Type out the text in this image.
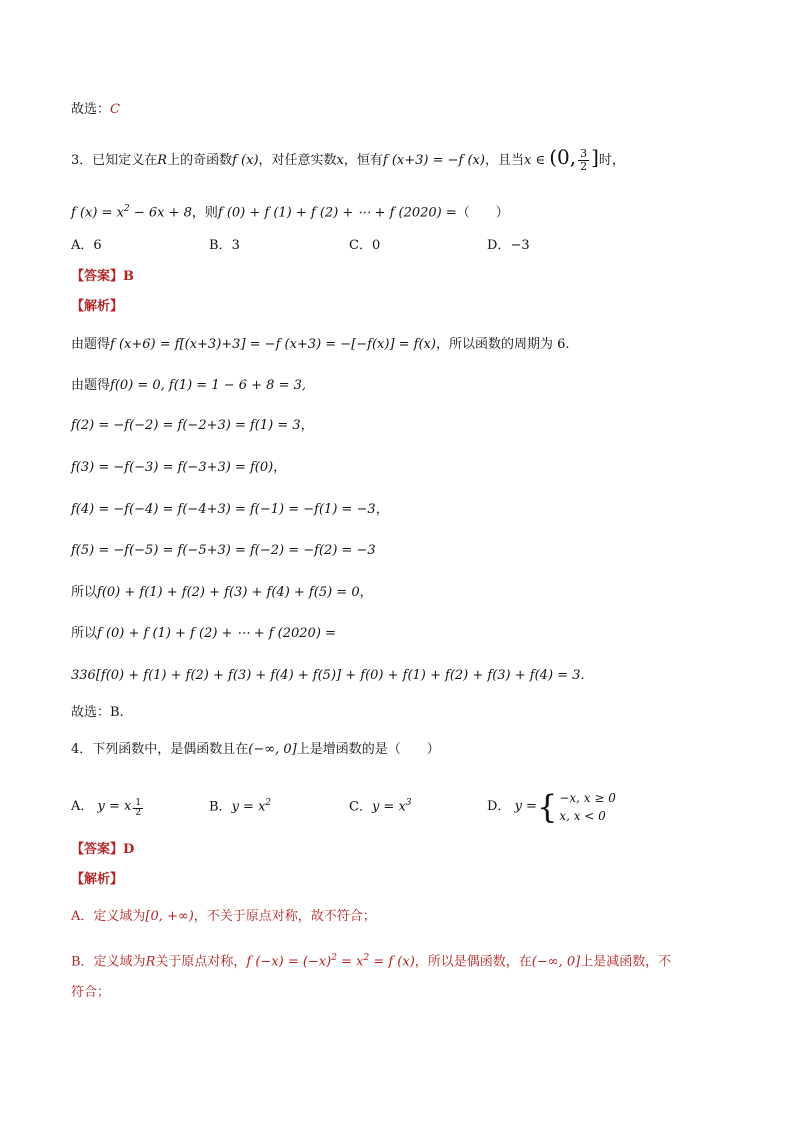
故选：C
3．已知定义在R上的奇函数f (x)，对任意实数x，恒有f (x+3) = −f (x)，且当x ∈ (0, $\frac{3}{2}$ ]时，
f $(x) = x^2 - 6x + 8$，则f (0) + f (1) + f (2) + ⋯ + f (2020) =（　　）
A．6	B．3	C．0	D．−3
【答案】B
【解析】
由题得f (x+6) = f[(x+3)+3] = −f (x+3) = −[−f(x)] = f(x)，所以函数的周期为 6.
由题得f(0) = 0, f(1) = 1 − 6 + 8 = 3,
f(2) = −f(−2) = f(−2+3) = f(1) = 3，
f(3) = −f(−3) = f(−3+3) = f(0)，
f(4) = −f(−4) = f(−4+3) = f(−1) = −f(1) = −3，
f(5) = −f(−5) = f(−5+3) = f(−2) = −f(2) = −3
所以f(0) + f(1) + f(2) + f(3) + f(4) + f(5) = 0，
所以f (0) + f (1) + f (2) + ⋯ + f (2020) =
336[f(0) + f(1) + f(2) + f(3) + f(4) + f(5)] + f(0) + f(1) + f(2) + f(3) + f(4) = 3.
故选：B.
4．下列函数中，是偶函数且在(−∞, 0]上是增函数的是（　　）
A． y = x $^{\frac{1}{2}}$	B．$y = x^2$	C．$y = x^3$	D．
y = { −x, x ≥ 0
x, x < 0
【答案】D
【解析】
A．定义域为[0, +∞)，不关于原点对称，故不符合；
B．定义域为R关于原点对称，f $(-x) = (-x)^2 = x^2 = f$ (x)，所以是偶函数，在(−∞, 0]上是减函数，不
符合；
